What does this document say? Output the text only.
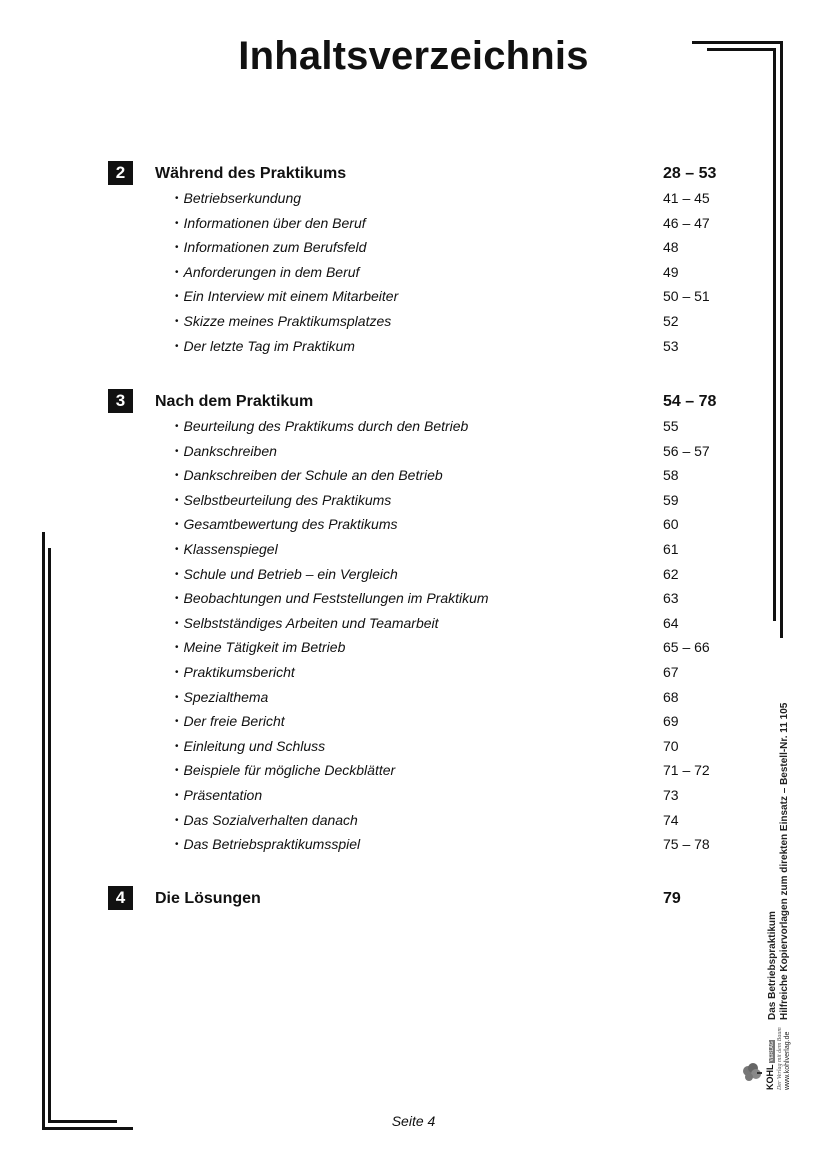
Inhaltsverzeichnis
2	Während des Praktikums	28 – 53
• Betriebserkundung	41 – 45
• Informationen über den Beruf	46 – 47
• Informationen zum Berufsfeld	48
• Anforderungen in dem Beruf	49
• Ein Interview mit einem Mitarbeiter	50 – 51
• Skizze meines Praktikumsplatzes	52
• Der letzte Tag im Praktikum	53
3	Nach dem Praktikum	54 – 78
• Beurteilung des Praktikums durch den Betrieb	55
• Dankschreiben	56 – 57
• Dankschreiben der Schule an den Betrieb	58
• Selbstbeurteilung des Praktikums	59
• Gesamtbewertung des Praktikums	60
• Klassenspiegel	61
• Schule und Betrieb – ein Vergleich	62
• Beobachtungen und Feststellungen im Praktikum	63
• Selbstständiges Arbeiten und Teamarbeit	64
• Meine Tätigkeit im Betrieb	65 – 66
• Praktikumsbericht	67
• Spezialthema	68
• Der freie Bericht	69
• Einleitung und Schluss	70
• Beispiele für mögliche Deckblätter	71 – 72
• Präsentation	73
• Das Sozialverhalten danach	74
• Das Betriebspraktikumsspiel	75 – 78
4	Die Lösungen	79
Das Betriebspraktikum Hilfreiche Kopiervorlagen zum direkten Einsatz – Bestell-Nr. 11 105
KOHL VERLAG Der Verlag mit dem Baum www.kohlverlag.de
Seite 4
